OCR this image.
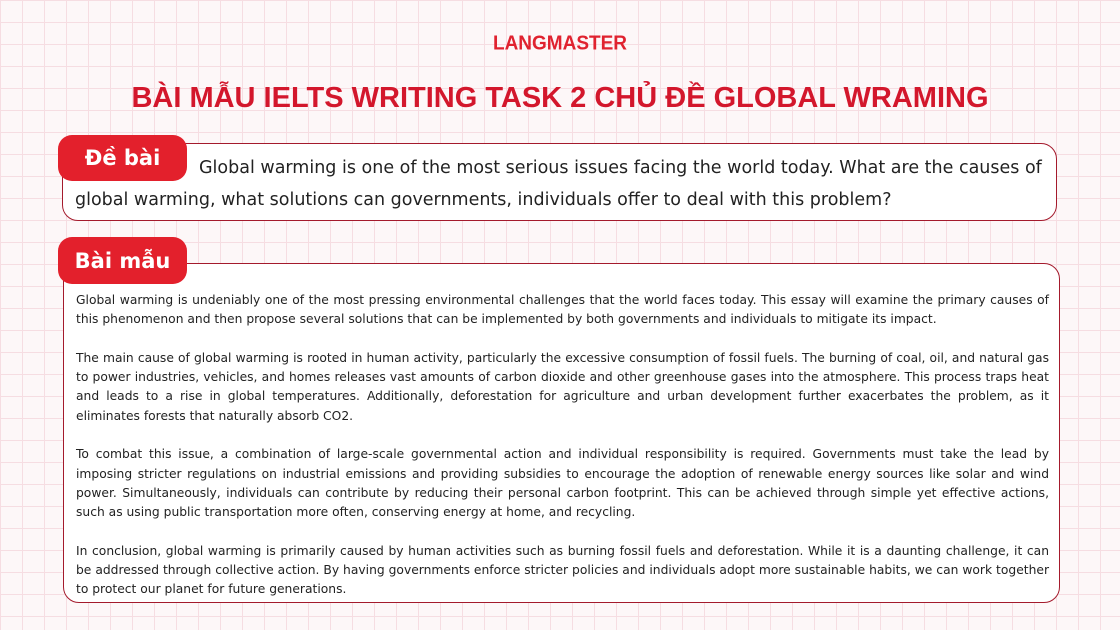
LANGMASTER
BÀI MẪU IELTS WRITING TASK 2 CHỦ ĐỀ GLOBAL WRAMING
Global warming is one of the most serious issues facing the world today. What are the causes of global warming, what solutions can governments, individuals offer to deal with this problem?
Đề bài

Global warming is undeniably one of the most pressing environmental challenges that the world faces today. This essay will examine the primary causes of this phenomenon and then propose several solutions that can be implemented by both governments and individuals to mitigate its impact.

The main cause of global warming is rooted in human activity, particularly the excessive consumption of fossil fuels. The burning of coal, oil, and natural gas to power industries, vehicles, and homes releases vast amounts of carbon dioxide and other greenhouse gases into the atmosphere. This process traps heat and leads to a rise in global temperatures. Additionally, deforestation for agriculture and urban development further exacerbates the problem, as it eliminates forests that naturally absorb CO2.

To combat this issue, a combination of large-scale governmental action and individual responsibility is required. Governments must take the lead by imposing stricter regulations on industrial emissions and providing subsidies to encourage the adoption of renewable energy sources like solar and wind power. Simultaneously, individuals can contribute by reducing their personal carbon footprint. This can be achieved through simple yet effective actions, such as using public transportation more often, conserving energy at home, and recycling.

In conclusion, global warming is primarily caused by human activities such as burning fossil fuels and deforestation. While it is a daunting challenge, it can be addressed through collective action. By having governments enforce stricter policies and individuals adopt more sustainable habits, we can work together to protect our planet for future generations.

Bài mẫu
